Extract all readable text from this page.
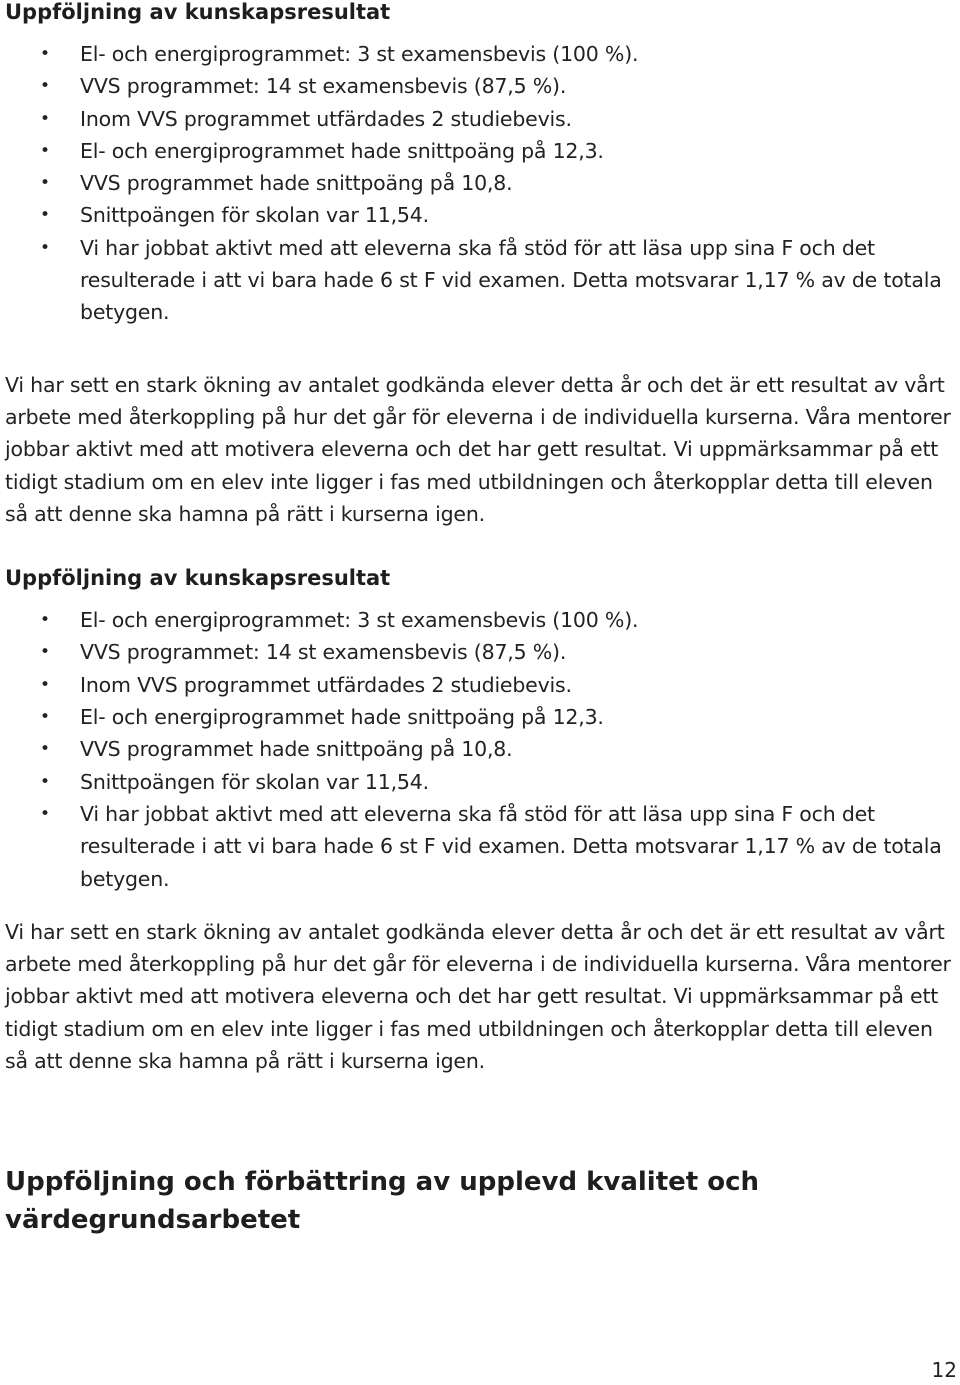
Uppföljning av kunskapsresultat
• El- och energiprogrammet: 3 st examensbevis (100 %).
• VVS programmet: 14 st examensbevis (87,5 %).
• Inom VVS programmet utfärdades 2 studiebevis.
• El- och energiprogrammet hade snittpoäng på 12,3.
• VVS programmet hade snittpoäng på 10,8.
• Snittpoängen för skolan var 11,54.
• Vi har jobbat aktivt med att eleverna ska få stöd för att läsa upp sina F och det resulterade i att vi bara hade 6 st F vid examen. Detta motsvarar 1,17 % av de totala betygen.

Vi har sett en stark ökning av antalet godkända elever detta år och det är ett resultat av vårt arbete med återkoppling på hur det går för eleverna i de individuella kurserna. Våra mentorer jobbar aktivt med att motivera eleverna och det har gett resultat. Vi uppmärksammar på ett tidigt stadium om en elev inte ligger i fas med utbildningen och återkopplar detta till eleven så att denne ska hamna på rätt i kurserna igen.

Uppföljning av kunskapsresultat
• El- och energiprogrammet: 3 st examensbevis (100 %).
• VVS programmet: 14 st examensbevis (87,5 %).
• Inom VVS programmet utfärdades 2 studiebevis.
• El- och energiprogrammet hade snittpoäng på 12,3.
• VVS programmet hade snittpoäng på 10,8.
• Snittpoängen för skolan var 11,54.
• Vi har jobbat aktivt med att eleverna ska få stöd för att läsa upp sina F och det resulterade i att vi bara hade 6 st F vid examen. Detta motsvarar 1,17 % av de totala betygen.

Vi har sett en stark ökning av antalet godkända elever detta år och det är ett resultat av vårt arbete med återkoppling på hur det går för eleverna i de individuella kurserna. Våra mentorer jobbar aktivt med att motivera eleverna och det har gett resultat. Vi uppmärksammar på ett tidigt stadium om en elev inte ligger i fas med utbildningen och återkopplar detta till eleven så att denne ska hamna på rätt i kurserna igen.

Uppföljning och förbättring av upplevd kvalitet och värdegrundsarbetet
12
